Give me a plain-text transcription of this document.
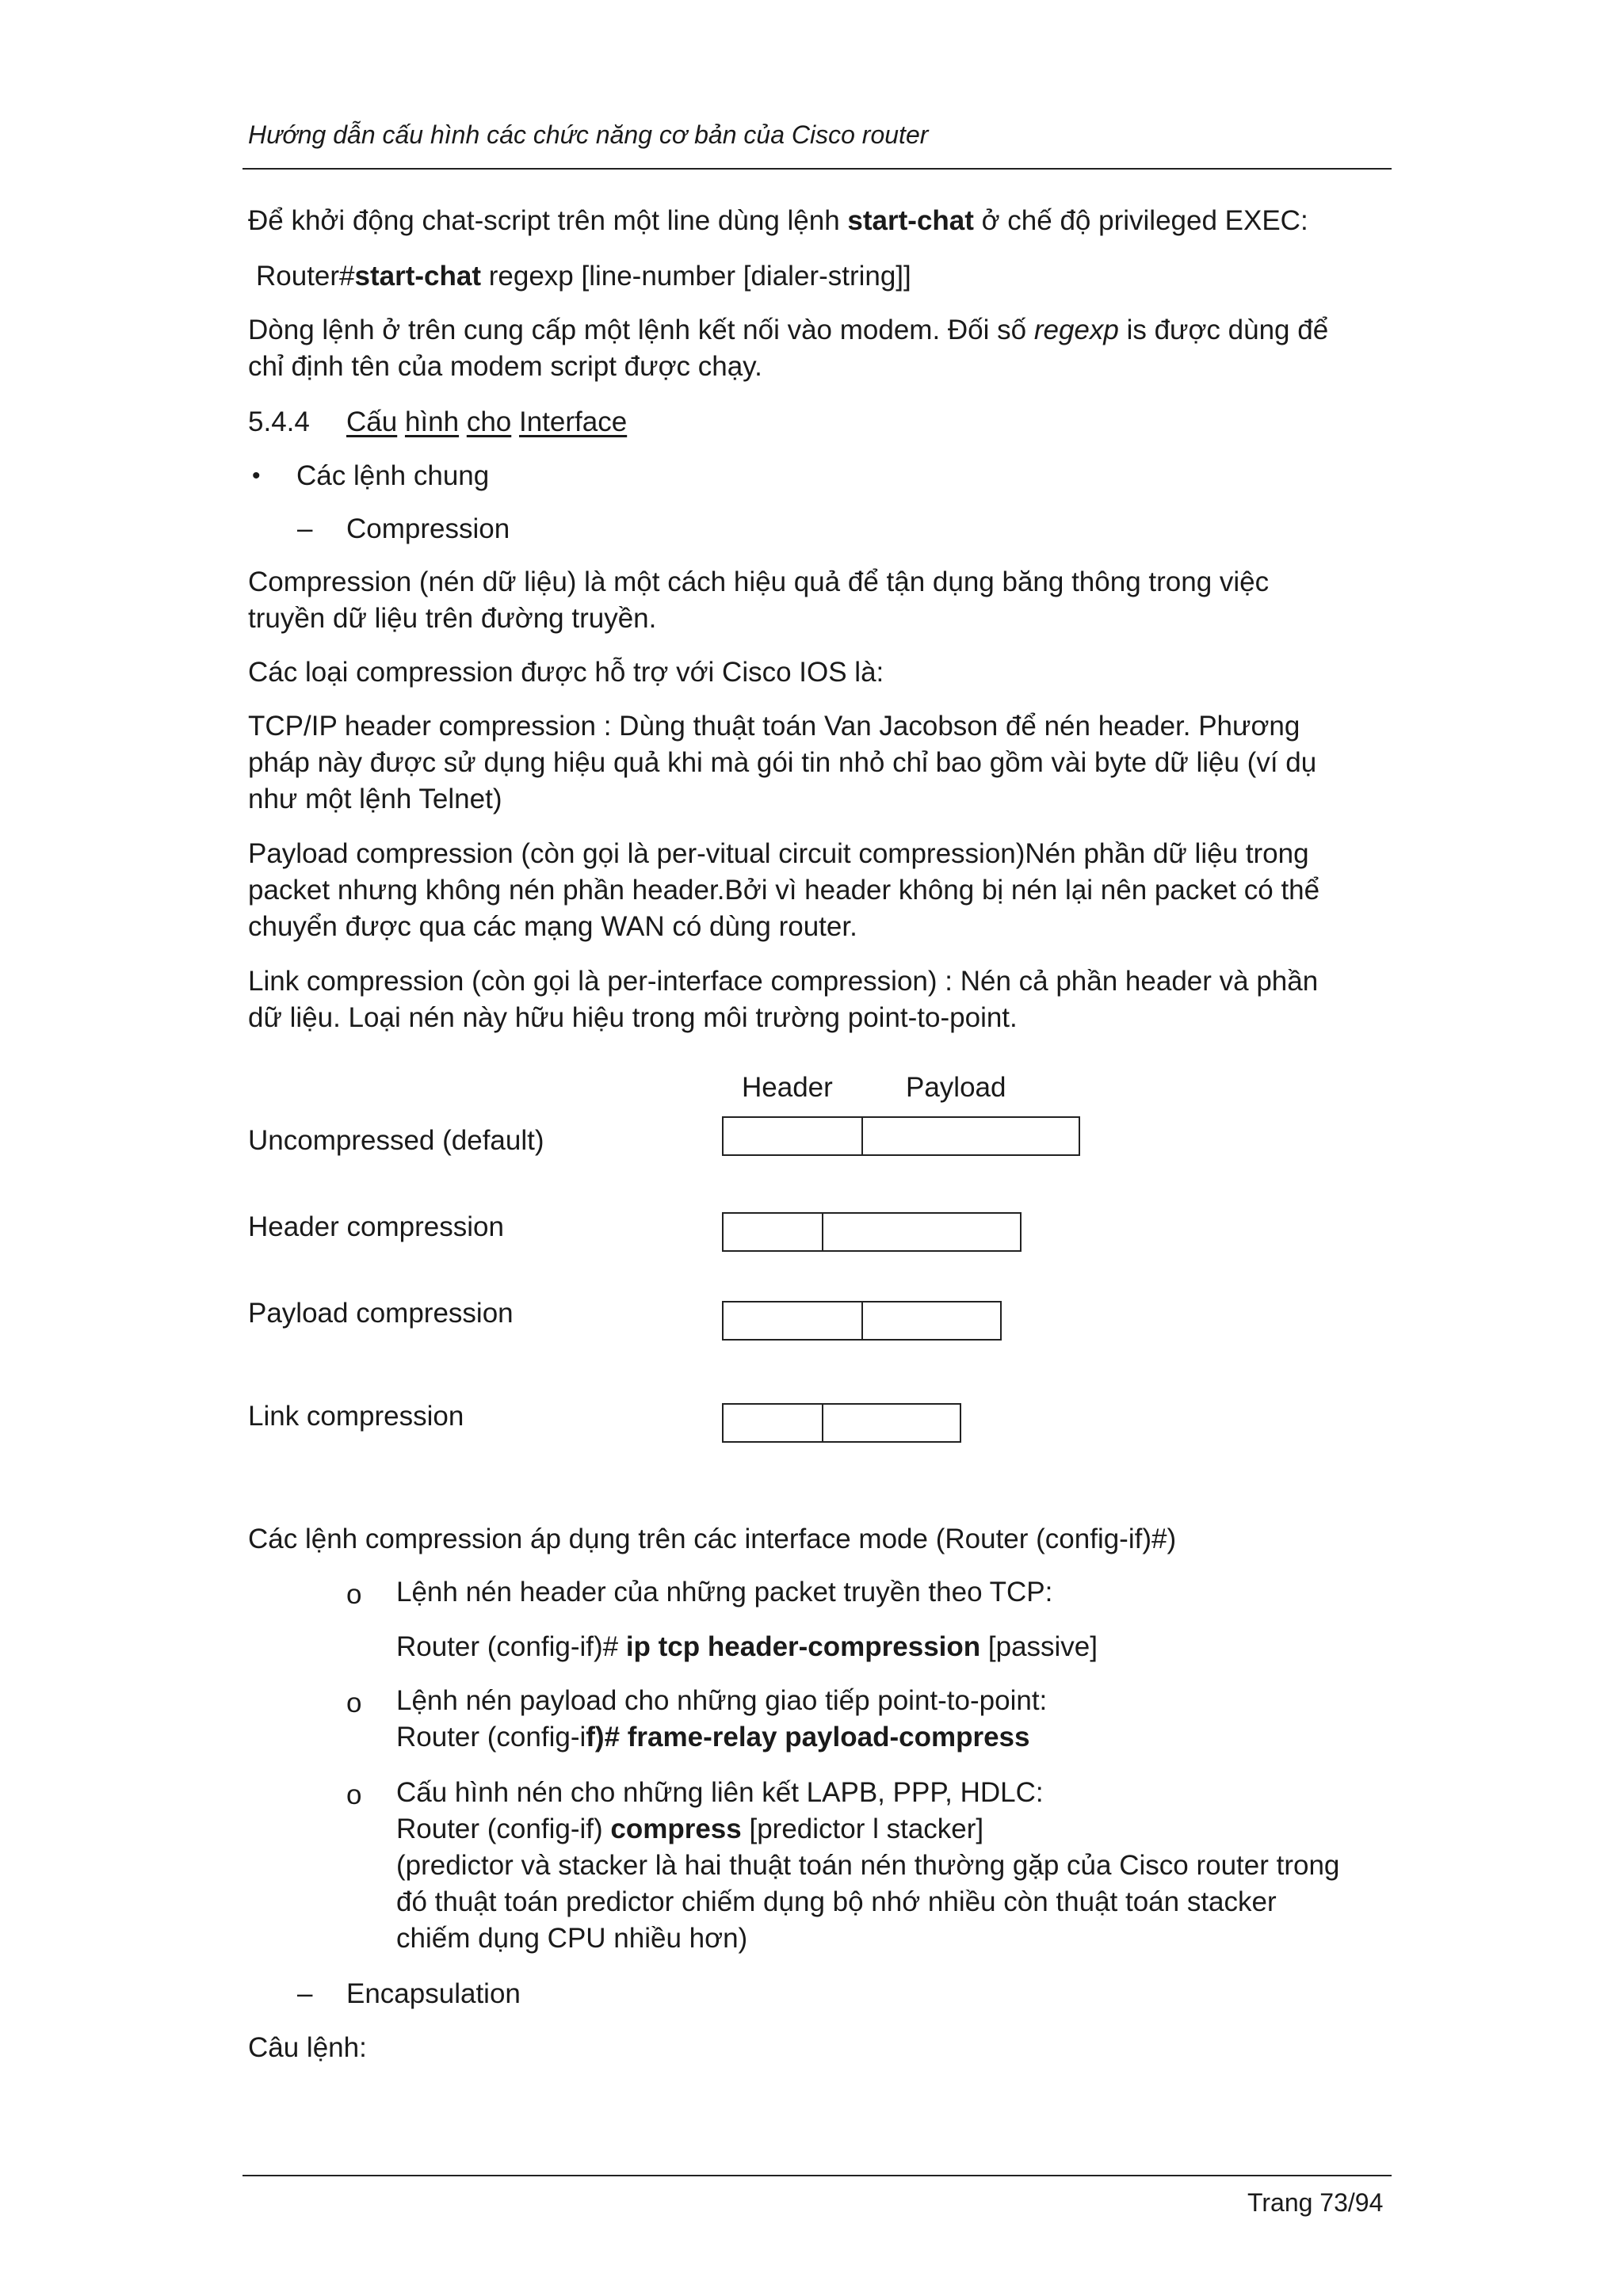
Hướng dẫn cấu hình các chức năng cơ bản của Cisco router
Để khởi động chat-script trên một line dùng lệnh start-chat ở chế độ privileged EXEC:
Router#start-chat regexp [line-number [dialer-string]]
Dòng lệnh ở trên cung cấp một lệnh kết nối vào modem. Đối số regexp is được dùng để
chỉ định tên của modem script được chạy.
5.4.4 Cấu hình cho Interface
• Các lệnh chung
– Compression
Compression (nén dữ liệu) là một cách hiệu quả để tận dụng băng thông trong việc
truyền dữ liệu trên đường truyền.
Các loại compression được hỗ trợ với Cisco IOS là:
TCP/IP header compression : Dùng thuật toán Van Jacobson để nén header. Phương
pháp này được sử dụng hiệu quả khi mà gói tin nhỏ chỉ bao gồm vài byte dữ liệu (ví dụ
như một lệnh Telnet)
Payload compression (còn gọi là per-vitual circuit compression)Nén phần dữ liệu trong
packet nhưng không nén phần header.Bởi vì header không bị nén lại nên packet có thể
chuyển được qua các mạng WAN có dùng router.
Link compression (còn gọi là per-interface compression) : Nén cả phần header và phần
dữ liệu. Loại nén này hữu hiệu trong môi trường point-to-point.
Header	Payload
Uncompressed (default)
Header compression
Payload compression
Link compression
Các lệnh compression áp dụng trên các interface mode (Router (config-if)#)
o Lệnh nén header của những packet truyền theo TCP:
Router (config-if)# ip tcp header-compression [passive]
o Lệnh nén payload cho những giao tiếp point-to-point:
Router (config-if)# frame-relay payload-compress
o Cấu hình nén cho những liên kết LAPB, PPP, HDLC:
Router (config-if) compress [predictor l stacker]
(predictor và stacker là hai thuật toán nén thường gặp của Cisco router trong
đó thuật toán predictor chiếm dụng bộ nhớ nhiều còn thuật toán stacker
chiếm dụng CPU nhiều hơn)
– Encapsulation
Câu lệnh:
Trang 73/94
